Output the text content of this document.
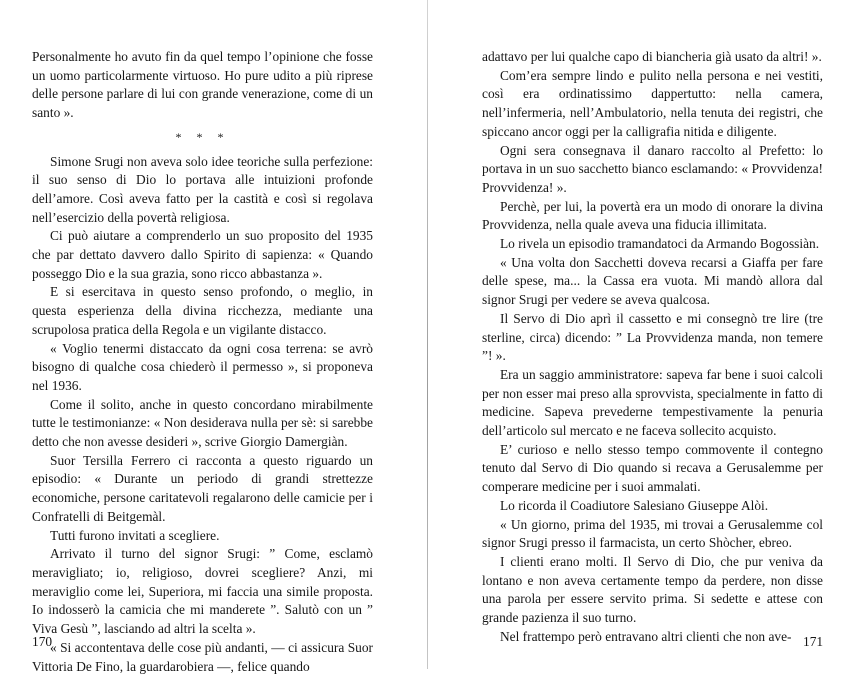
Personalmente ho avuto fin da quel tempo l’opinione che fosse un uomo particolarmente virtuoso. Ho pure udito a più riprese delle persone parlare di lui con grande venerazione, come di un santo ».

* * *

Simone Srugi non aveva solo idee teoriche sulla perfezione: il suo senso di Dio lo portava alle intuizioni profonde dell’amore. Così aveva fatto per la castità e così si regolava nell’esercizio della povertà religiosa.

Ci può aiutare a comprenderlo un suo proposito del 1935 che par dettato davvero dallo Spirito di sapienza: « Quando posseggo Dio e la sua grazia, sono ricco abbastanza ».

E si esercitava in questo senso profondo, o meglio, in questa esperienza della divina ricchezza, mediante una scrupolosa pratica della Regola e un vigilante distacco.

« Voglio tenermi distaccato da ogni cosa terrena: se avrò bisogno di qualche cosa chiederò il permesso », si proponeva nel 1936.

Come il solito, anche in questo concordano mirabilmente tutte le testimonianze: « Non desiderava nulla per sè: si sarebbe detto che non avesse desideri », scrive Giorgio Damergiàn.

Suor Tersilla Ferrero ci racconta a questo riguardo un episodio: « Durante un periodo di grandi strettezze economiche, persone caritatevoli regalarono delle camicie per i Confratelli di Beitgemàl.

Tutti furono invitati a scegliere.

Arrivato il turno del signor Srugi: ” Come, esclamò meravigliato; io, religioso, dovrei scegliere? Anzi, mi meraviglio come lei, Superiora, mi faccia una simile proposta. Io indosserò la camicia che mi manderete ”. Salutò con un ” Viva Gesù ”, lasciando ad altri la scelta ».

« Si accontentava delle cose più andanti, — ci assicura Suor Vittoria De Fino, la guardarobiera —, felice quando

adattavo per lui qualche capo di biancheria già usato da altri! ».

Com’era sempre lindo e pulito nella persona e nei vestiti, così era ordinatissimo dappertutto: nella camera, nell’infermeria, nell’Ambulatorio, nella tenuta dei registri, che spiccano ancor oggi per la calligrafia nitida e diligente.

Ogni sera consegnava il danaro raccolto al Prefetto: lo portava in un suo sacchetto bianco esclamando: « Provvidenza! Provvidenza! ».

Perchè, per lui, la povertà era un modo di onorare la divina Provvidenza, nella quale aveva una fiducia illimitata.

Lo rivela un episodio tramandatoci da Armando Bogossiàn.

« Una volta don Sacchetti doveva recarsi a Giaffa per fare delle spese, ma... la Cassa era vuota. Mi mandò allora dal signor Srugi per vedere se aveva qualcosa.

Il Servo di Dio aprì il cassetto e mi consegnò tre lire (tre sterline, circa) dicendo: ” La Provvidenza manda, non temere ”! ».

Era un saggio amministratore: sapeva far bene i suoi calcoli per non esser mai preso alla sprovvista, specialmente in fatto di medicine. Sapeva prevederne tempestivamente la penuria dell’articolo sul mercato e ne faceva sollecito acquisto.

E’ curioso e nello stesso tempo commovente il contegno tenuto dal Servo di Dio quando si recava a Gerusalemme per comperare medicine per i suoi ammalati.

Lo ricorda il Coadiutore Salesiano Giuseppe Alòi.

« Un giorno, prima del 1935, mi trovai a Gerusalemme col signor Srugi presso il farmacista, un certo Shòcher, ebreo.

I clienti erano molti. Il Servo di Dio, che pur veniva da lontano e non aveva certamente tempo da perdere, non disse una parola per essere servito prima. Si sedette e attese con grande pazienza il suo turno.

Nel frattempo però entravano altri clienti che non ave-

170	171
